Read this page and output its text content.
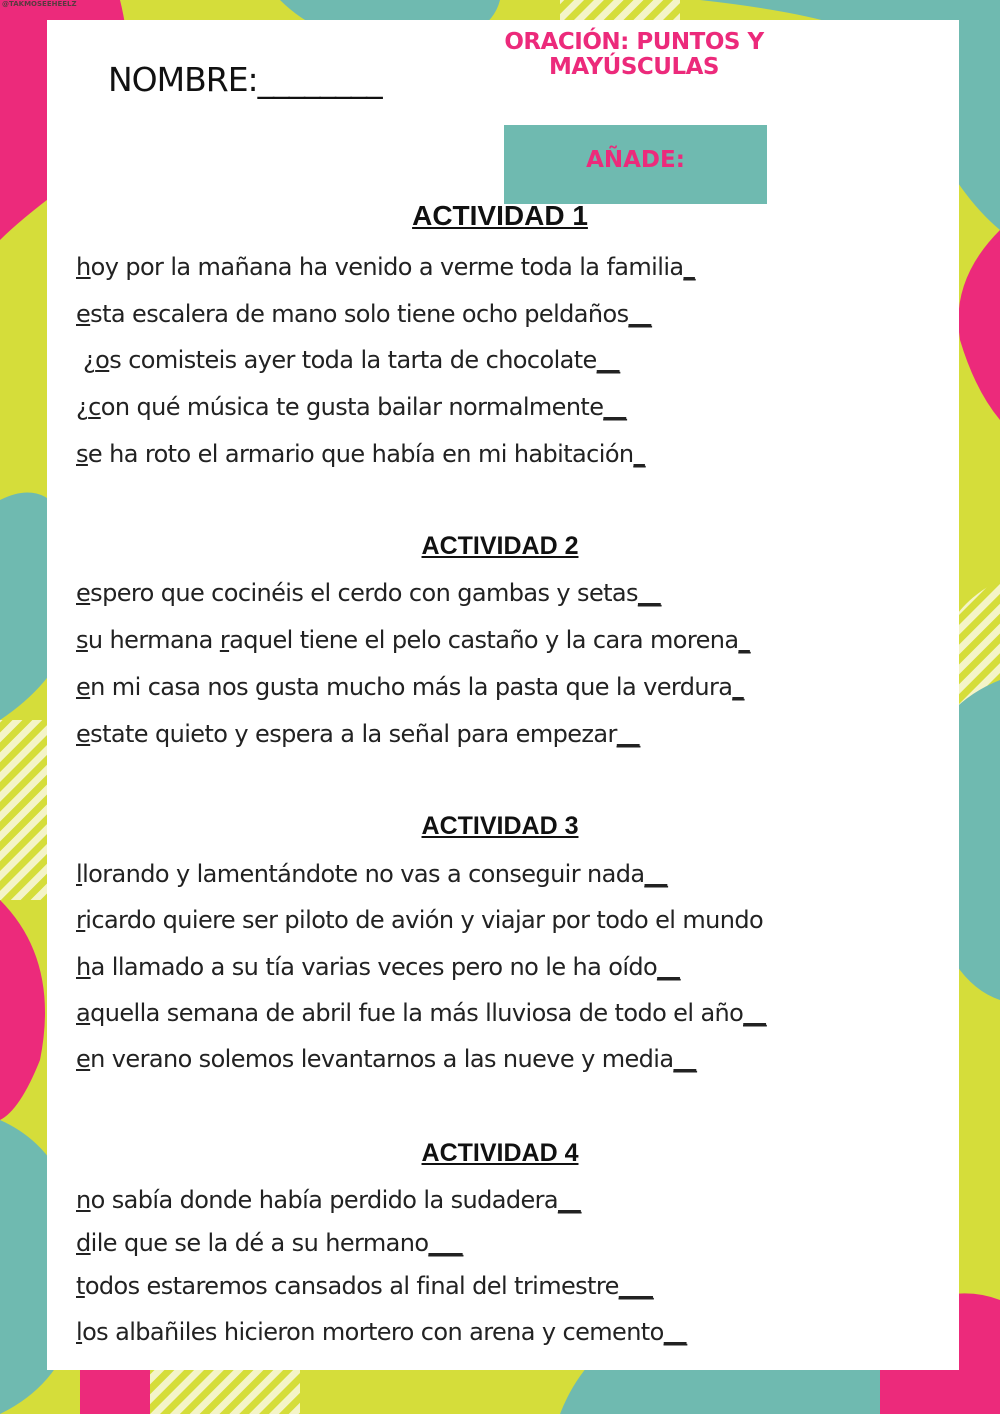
@TAKMOSEEHEELZ
NOMBRE:________
ORACIÓN: PUNTOS Y
MAYÚSCULAS
AÑADE:
ACTIVIDAD 1
hoy por la mañana ha venido a verme toda la familia_
esta escalera de mano solo tiene ocho peldaños__
¿os comisteis ayer toda la tarta de chocolate__
¿con qué música te gusta bailar normalmente__
se ha roto el armario que había en mi habitación_
ACTIVIDAD 2
espero que cocinéis el cerdo con gambas y setas__
su hermana raquel tiene el pelo castaño y la cara morena_
en mi casa nos gusta mucho más la pasta que la verdura_
estate quieto y espera a la señal para empezar__
ACTIVIDAD 3
llorando y lamentándote no vas a conseguir nada__
ricardo quiere ser piloto de avión y viajar por todo el mundo
ha llamado a su tía varias veces pero no le ha oído__
aquella semana de abril fue la más lluviosa de todo el año__
en verano solemos levantarnos a las nueve y media__
ACTIVIDAD 4
no sabía donde había perdido la sudadera__
dile que se la dé a su hermano___
todos estaremos cansados al final del trimestre___
los albañiles hicieron mortero con arena y cemento__
